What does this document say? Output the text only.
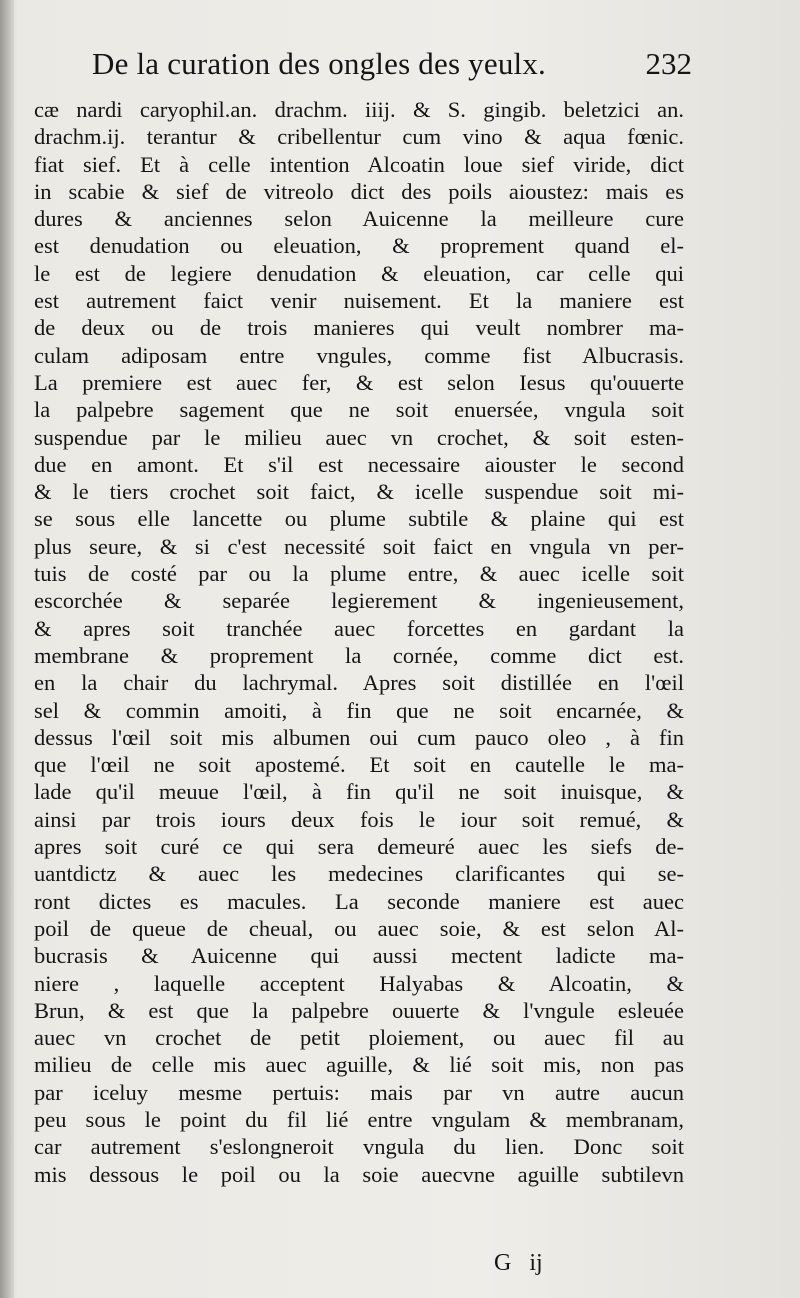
De la curation des ongles des yeulx.	232
cæ nardi caryophil.an. drachm. iiij. & S. gingib. beletzici an.
drachm.ij. terantur & cribellentur cum vino & aqua fœnic.
fiat sief. Et à celle intention Alcoatin loue sief viride, dict
in scabie & sief de vitreolo dict des poils aioustez: mais es
dures & anciennes selon Auicenne la meilleure cure
est denudation ou eleuation, & proprement quand el-
le est de legiere denudation & eleuation, car celle qui
est autrement faict venir nuisement. Et la maniere est
de deux ou de trois manieres qui veult nombrer ma-
culam adiposam entre vngules, comme fist Albucrasis.
La premiere est auec fer, & est selon Iesus qu'ouuerte
la palpebre sagement que ne soit enuersée, vngula soit
suspendue par le milieu auec vn crochet, & soit esten-
due en amont. Et s'il est necessaire aiouster le second
& le tiers crochet soit faict, & icelle suspendue soit mi-
se sous elle lancette ou plume subtile & plaine qui est
plus seure, & si c'est necessité soit faict en vngula vn per-
tuis de costé par ou la plume entre, & auec icelle soit
escorchée & separée legierement & ingenieusement,
& apres soit tranchée auec forcettes en gardant la
membrane & proprement la cornée, comme dict est.
en la chair du lachrymal. Apres soit distillée en l'œil
sel & commin amoiti, à fin que ne soit encarnée, &
dessus l'œil soit mis albumen oui cum pauco oleo , à fin
que l'œil ne soit apostemé. Et soit en cautelle le ma-
lade qu'il meuue l'œil, à fin qu'il ne soit inuisque, &
ainsi par trois iours deux fois le iour soit remué, &
apres soit curé ce qui sera demeuré auec les siefs de-
uantdictz & auec les medecines clarificantes qui se-
ront dictes es macules. La seconde maniere est auec
poil de queue de cheual, ou auec soie, & est selon Al-
bucrasis & Auicenne qui aussi mectent ladicte ma-
niere , laquelle acceptent Halyabas & Alcoatin, &
Brun, & est que la palpebre ouuerte & l'vngule esleuée
auec vn crochet de petit ploiement, ou auec fil au
milieu de celle mis auec aguille, & lié soit mis, non pas
par iceluy mesme pertuis: mais par vn autre aucun
peu sous le point du fil lié entre vngulam & membranam,
car autrement s'eslongneroit vngula du lien. Donc soit
mis dessous le poil ou la soie auecvne aguille subtilevn
G ij
